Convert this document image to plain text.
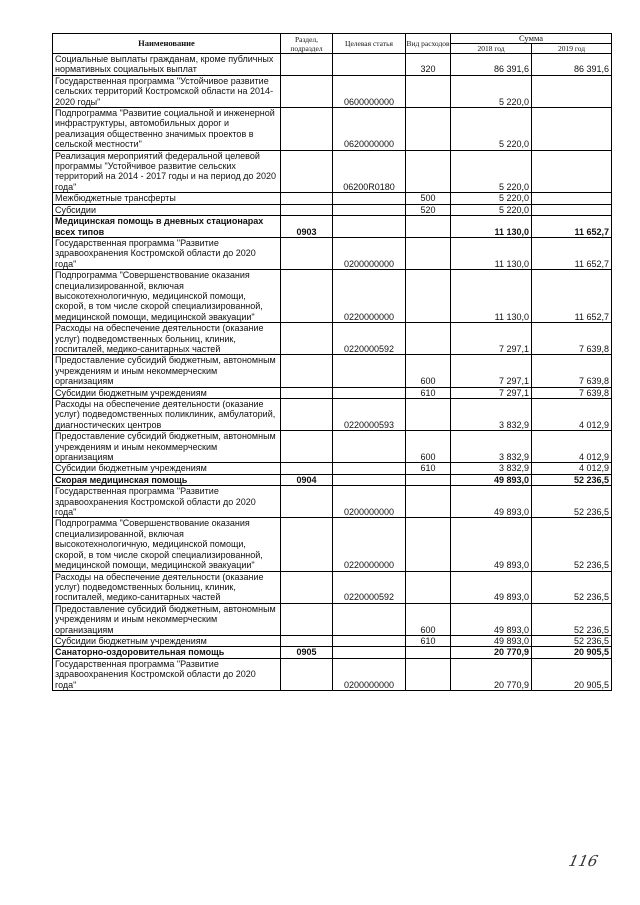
Наименование	Раздел, подраздел	Целевая статья	Вид расходов	Сумма	
				2018 год	2019 год
Социальные выплаты гражданам, кроме публичных нормативных социальных выплат			320	86 391,6	86 391,6
Государственная программа "Устойчивое развитие сельских территорий Костромской области на 2014-2020 годы"		0600000000		5 220,0	
Подпрограмма "Развитие социальной и инженерной инфраструктуры, автомобильных дорог и реализация общественно значимых проектов в сельской местности"		0620000000		5 220,0	
Реализация мероприятий федеральной целевой программы "Устойчивое развитие сельских территорий на 2014 - 2017 годы и на период до 2020 года"		06200R0180		5 220,0	
Межбюджетные трансферты			500	5 220,0	
Субсидии			520	5 220,0	
Медицинская помощь в дневных стационарах всех типов	0903			11 130,0	11 652,7
Государственная программа "Развитие здравоохранения Костромской области до 2020 года"		0200000000		11 130,0	11 652,7
Подпрограмма "Совершенствование оказания специализированной, включая высокотехнологичную, медицинской помощи, скорой, в том числе скорой специализированной, медицинской помощи, медицинской эвакуации"		0220000000		11 130,0	11 652,7
Расходы на обеспечение деятельности (оказание услуг) подведомственных больниц, клиник, госпиталей, медико-санитарных частей		0220000592		7 297,1	7 639,8
Предоставление субсидий бюджетным, автономным учреждениям и иным некоммерческим организациям			600	7 297,1	7 639,8
Субсидии бюджетным учреждениям			610	7 297,1	7 639,8
Расходы на обеспечение деятельности (оказание услуг) подведомственных поликлиник, амбулаторий, диагностических центров		0220000593		3 832,9	4 012,9
Предоставление субсидий бюджетным, автономным учреждениям и иным некоммерческим организациям			600	3 832,9	4 012,9
Субсидии бюджетным учреждениям			610	3 832,9	4 012,9
Скорая медицинская помощь	0904			49 893,0	52 236,5
Государственная программа "Развитие здравоохранения Костромской области до 2020 года"		0200000000		49 893,0	52 236,5
Подпрограмма "Совершенствование оказания специализированной, включая высокотехнологичную, медицинской помощи, скорой, в том числе скорой специализированной, медицинской помощи, медицинской эвакуации"		0220000000		49 893,0	52 236,5
Расходы на обеспечение деятельности (оказание услуг) подведомственных больниц, клиник, госпиталей, медико-санитарных частей		0220000592		49 893,0	52 236,5
Предоставление субсидий бюджетным, автономным учреждениям и иным некоммерческим организациям			600	49 893,0	52 236,5
Субсидии бюджетным учреждениям			610	49 893,0	52 236,5
Санаторно-оздоровительная помощь	0905			20 770,9	20 905,5
Государственная программа "Развитие здравоохранения Костромской области до 2020 года"		0200000000		20 770,9	20 905,5
116
